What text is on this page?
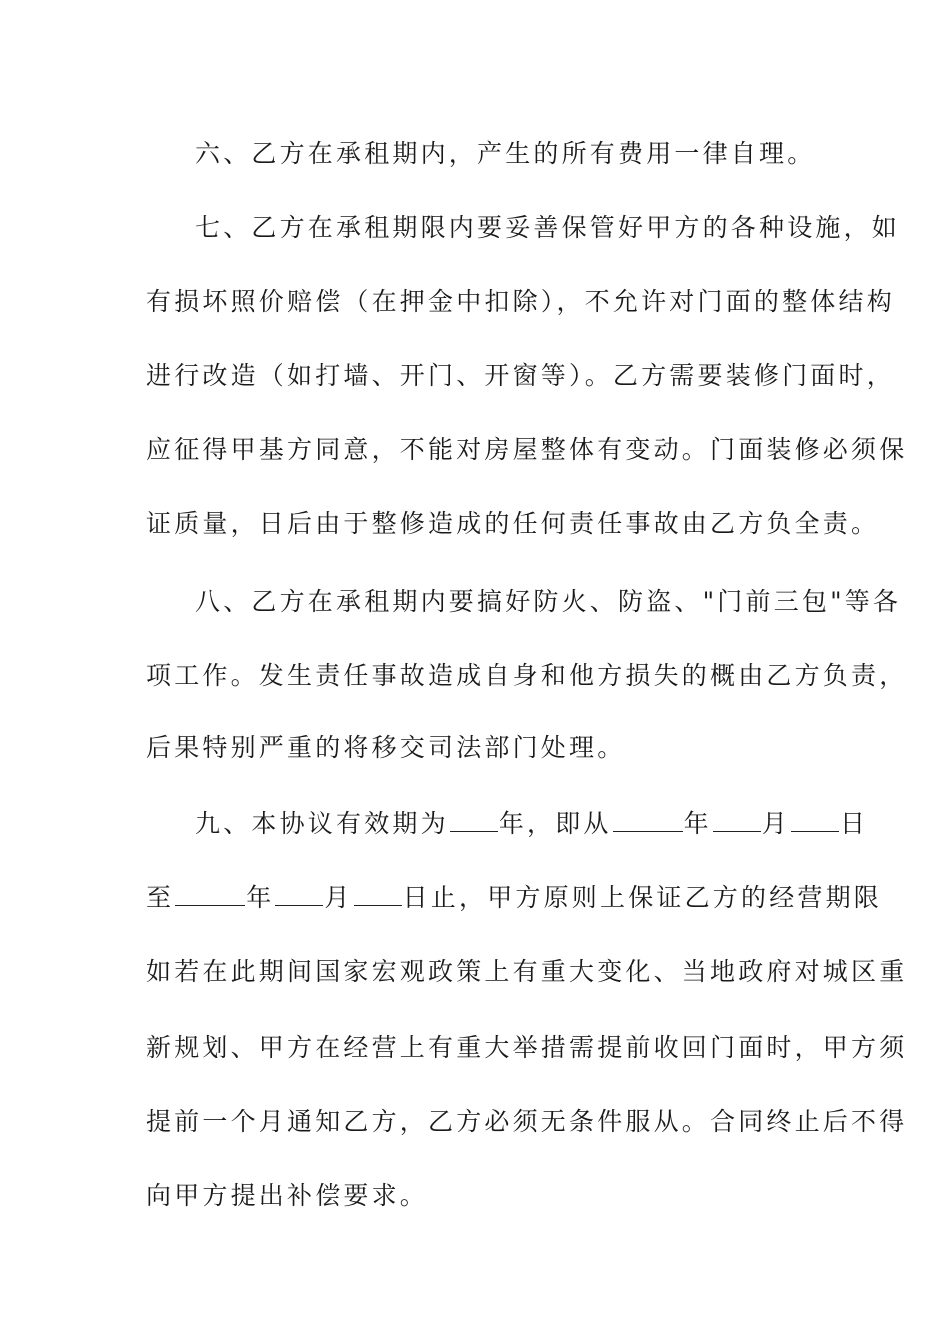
六、乙方在承租期内，产生的所有费用一律自理。
七、乙方在承租期限内要妥善保管好甲方的各种设施，如
有损坏照价赔偿（在押金中扣除），不允许对门面的整体结构
进行改造（如打墙、开门、开窗等）。乙方需要装修门面时，
应征得甲基方同意，不能对房屋整体有变动。门面装修必须保
证质量，日后由于整修造成的任何责任事故由乙方负全责。
八、乙方在承租期内要搞好防火、防盗、"门前三包"等各
项工作。发生责任事故造成自身和他方损失的概由乙方负责，
后果特别严重的将移交司法部门处理。
九、本协议有效期为 年，即从	年 月 日
至	年 月 日止，甲方原则上保证乙方的经营期限
如若在此期间国家宏观政策上有重大变化、当地政府对城区重
新规划、甲方在经营上有重大举措需提前收回门面时，甲方须
提前一个月通知乙方，乙方必须无条件服从。合同终止后不得
向甲方提出补偿要求。
